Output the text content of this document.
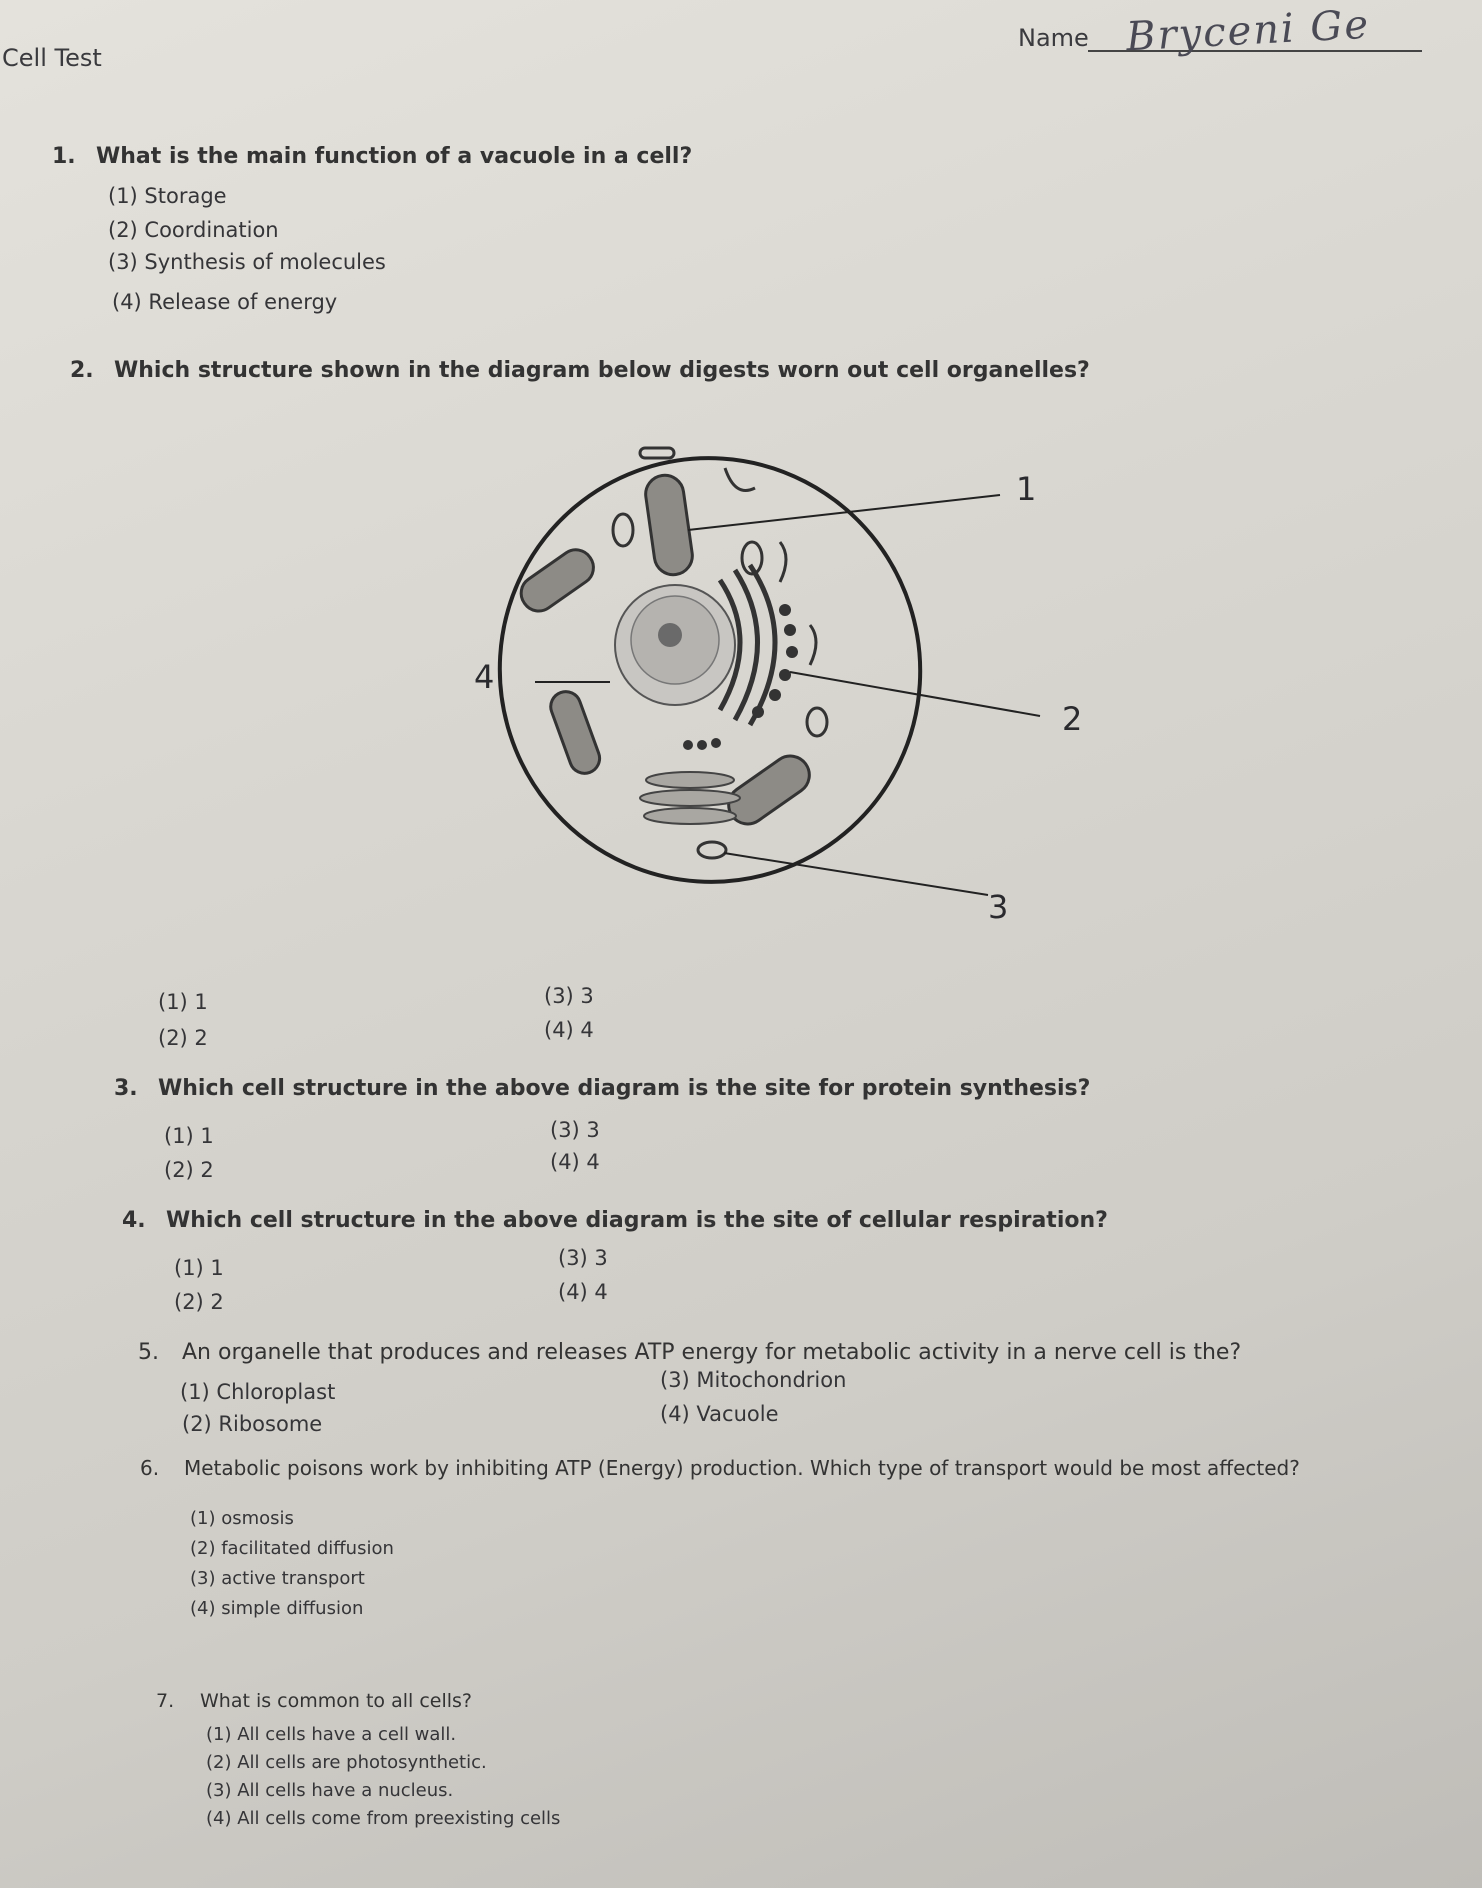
Cell Test
Name Bryceni Ge
1. What is the main function of a vacuole in a cell?
(1) Storage
(2) Coordination
(3) Synthesis of molecules
(4) Release of energy
2. Which structure shown in the diagram below digests worn out cell organelles?
1
2
3
4
(1) 1
(2) 2
(3) 3
(4) 4
3. Which cell structure in the above diagram is the site for protein synthesis?
(1) 1
(2) 2
(3) 3
(4) 4
4. Which cell structure in the above diagram is the site of cellular respiration?
(1) 1
(2) 2
(3) 3
(4) 4
5. An organelle that produces and releases ATP energy for metabolic activity in a nerve cell is the?
(1) Chloroplast
(2) Ribosome
(3) Mitochondrion
(4) Vacuole
6. Metabolic poisons work by inhibiting ATP (Energy) production. Which type of transport would be most affected?
(1) osmosis
(2) facilitated diffusion
(3) active transport
(4) simple diffusion
7. What is common to all cells?
(1) All cells have a cell wall.
(2) All cells are photosynthetic.
(3) All cells have a nucleus.
(4) All cells come from preexisting cells
